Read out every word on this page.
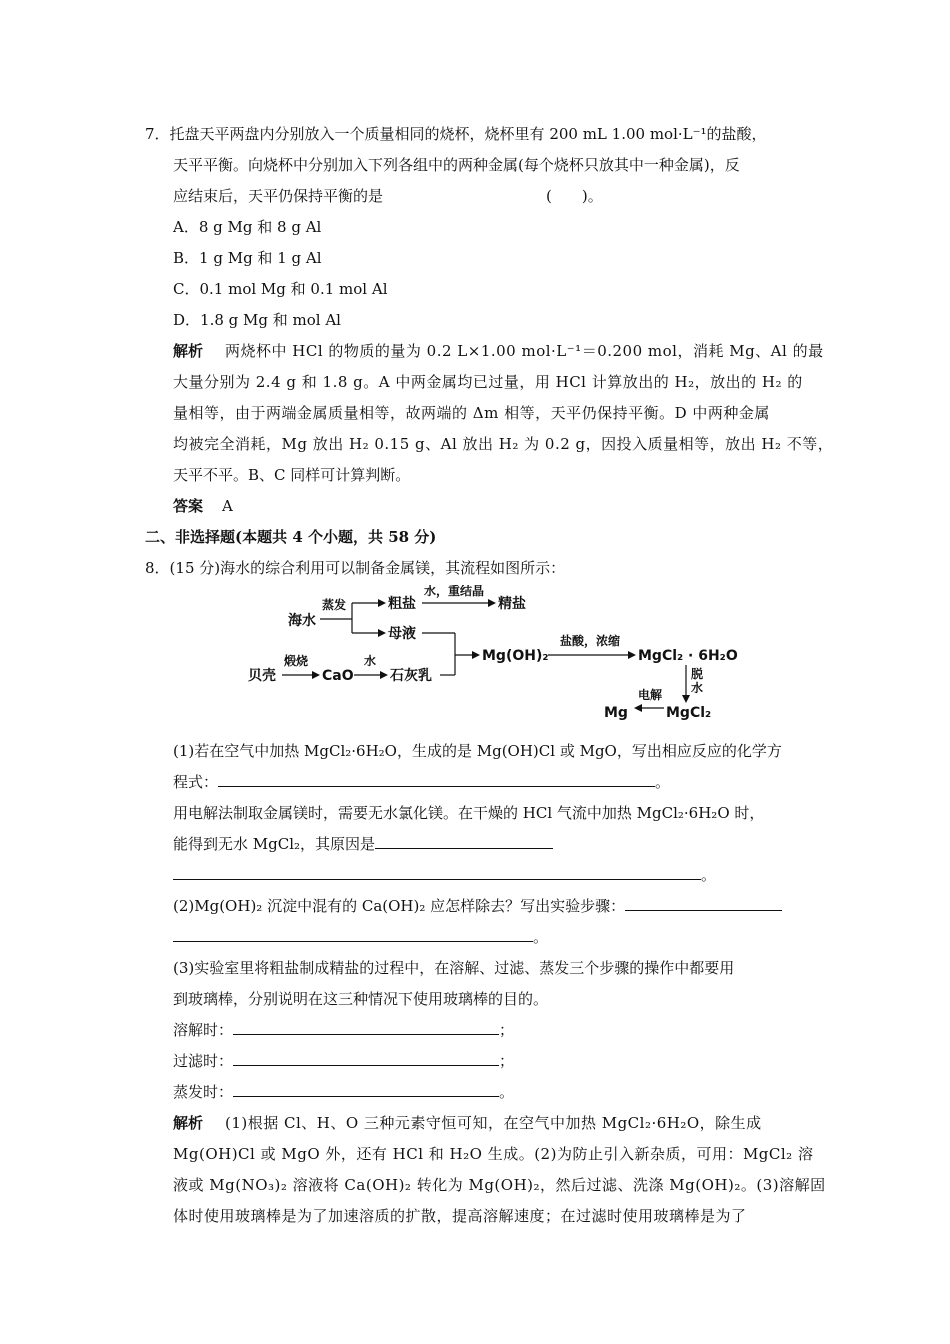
7．托盘天平两盘内分别放入一个质量相同的烧杯，烧杯里有 200 mL 1.00 mol·L⁻¹的盐酸，
天平平衡。向烧杯中分别加入下列各组中的两种金属(每个烧杯只放其中一种金属)，反
应结束后，天平仍保持平衡的是	(　　)。
A．8 g Mg 和 8 g Al
B．1 g Mg 和 1 g Al
C．0.1 mol Mg 和 0.1 mol Al
D．1.8 g Mg 和 mol Al
解析 两烧杯中 HCl 的物质的量为 0.2 L×1.00 mol·L⁻¹＝0.200 mol，消耗 Mg、Al 的最
大量分别为 2.4 g 和 1.8 g。A 中两金属均已过量，用 HCl 计算放出的 H₂，放出的 H₂ 的
量相等，由于两端金属质量相等，故两端的 Δm 相等，天平仍保持平衡。D 中两种金属
均被完全消耗，Mg 放出 H₂ 0.15 g、Al 放出 H₂ 为 0.2 g，因投入质量相等，放出 H₂ 不等，
天平不平。B、C 同样可计算判断。
答案 A
二、非选择题(本题共 4 个小题，共 58 分)
8．(15 分)海水的综合利用可以制备金属镁，其流程如图所示：
海水
蒸发	粗盐
水，重结晶
精盐
母液
贝壳
煅烧
CaO
水
石灰乳
Mg(OH)₂
盐酸，浓缩
MgCl₂ · 6H₂O
脱
水
Mg
电解
MgCl₂
(1)若在空气中加热 MgCl₂·6H₂O，生成的是 Mg(OH)Cl 或 MgO，写出相应反应的化学方
程式：	。
用电解法制取金属镁时，需要无水氯化镁。在干燥的 HCl 气流中加热 MgCl₂·6H₂O 时，
能得到无水 MgCl₂，其原因是
。
(2)Mg(OH)₂ 沉淀中混有的 Ca(OH)₂ 应怎样除去？写出实验步骤：
。
(3)实验室里将粗盐制成精盐的过程中，在溶解、过滤、蒸发三个步骤的操作中都要用
到玻璃棒，分别说明在这三种情况下使用玻璃棒的目的。
溶解时：	；
过滤时：	；
蒸发时：	。
解析 (1)根据 Cl、H、O 三种元素守恒可知，在空气中加热 MgCl₂·6H₂O，除生成
Mg(OH)Cl 或 MgO 外，还有 HCl 和 H₂O 生成。(2)为防止引入新杂质，可用：MgCl₂ 溶
液或 Mg(NO₃)₂ 溶液将 Ca(OH)₂ 转化为 Mg(OH)₂，然后过滤、洗涤 Mg(OH)₂。(3)溶解固
体时使用玻璃棒是为了加速溶质的扩散，提高溶解速度；在过滤时使用玻璃棒是为了
